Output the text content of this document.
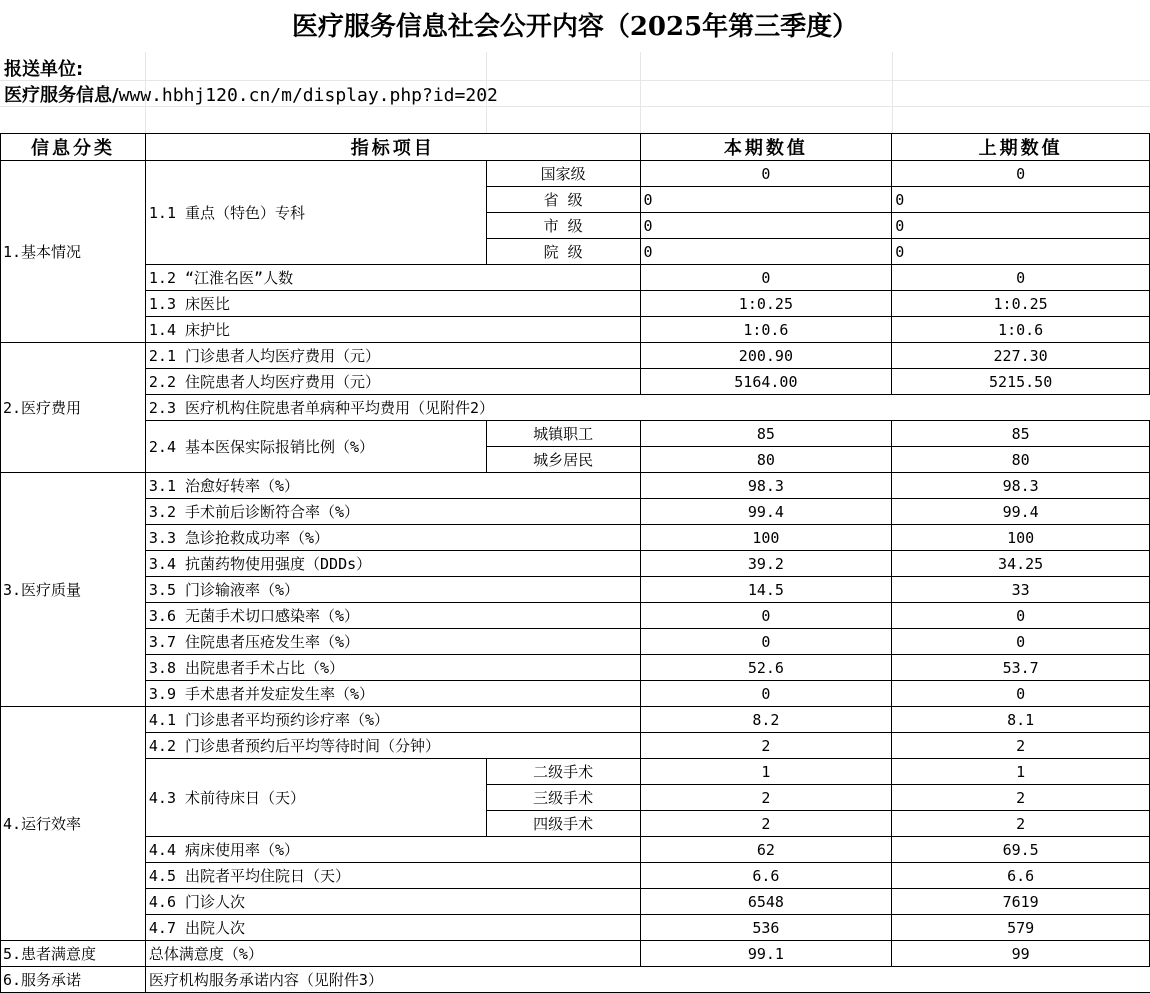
医疗服务信息社会公开内容（2025年第三季度）
报送单位:
医疗服务信息/www.hbhj120.cn/m/display.php?id=202
信息分类	指标项目		本期数值	上期数值
1.基本情况	1.1 重点（特色）专科	国家级	0	0
		省 级	0	0
		市 级	0	0
		院 级	0	0
	1.2 “江淮名医”人数		0	0
	1.3 床医比		1:0.25	1:0.25
	1.4 床护比		1:0.6	1:0.6
2.医疗费用	2.1 门诊患者人均医疗费用（元）		200.90	227.30
	2.2 住院患者人均医疗费用（元）		5164.00	5215.50
	2.3 医疗机构住院患者单病种平均费用（见附件2）			
	2.4 基本医保实际报销比例（%）	城镇职工	85	85
		城乡居民	80	80
3.医疗质量	3.1 治愈好转率（%）		98.3	98.3
	3.2 手术前后诊断符合率（%）		99.4	99.4
	3.3 急诊抢救成功率（%）		100	100
	3.4 抗菌药物使用强度（DDDs）		39.2	34.25
	3.5 门诊输液率（%）		14.5	33
	3.6 无菌手术切口感染率（%）		0	0
	3.7 住院患者压疮发生率（%）		0	0
	3.8 出院患者手术占比（%）		52.6	53.7
	3.9 手术患者并发症发生率（%）		0	0
4.运行效率	4.1 门诊患者平均预约诊疗率（%）		8.2	8.1
	4.2 门诊患者预约后平均等待时间（分钟）		2	2
	4.3 术前待床日（天）	二级手术	1	1
		三级手术	2	2
		四级手术	2	2
	4.4 病床使用率（%）		62	69.5
	4.5 出院者平均住院日（天）		6.6	6.6
	4.6 门诊人次		6548	7619
	4.7 出院人次		536	579
5.患者满意度	总体满意度（%）		99.1	99
6.服务承诺	医疗机构服务承诺内容（见附件3）			
